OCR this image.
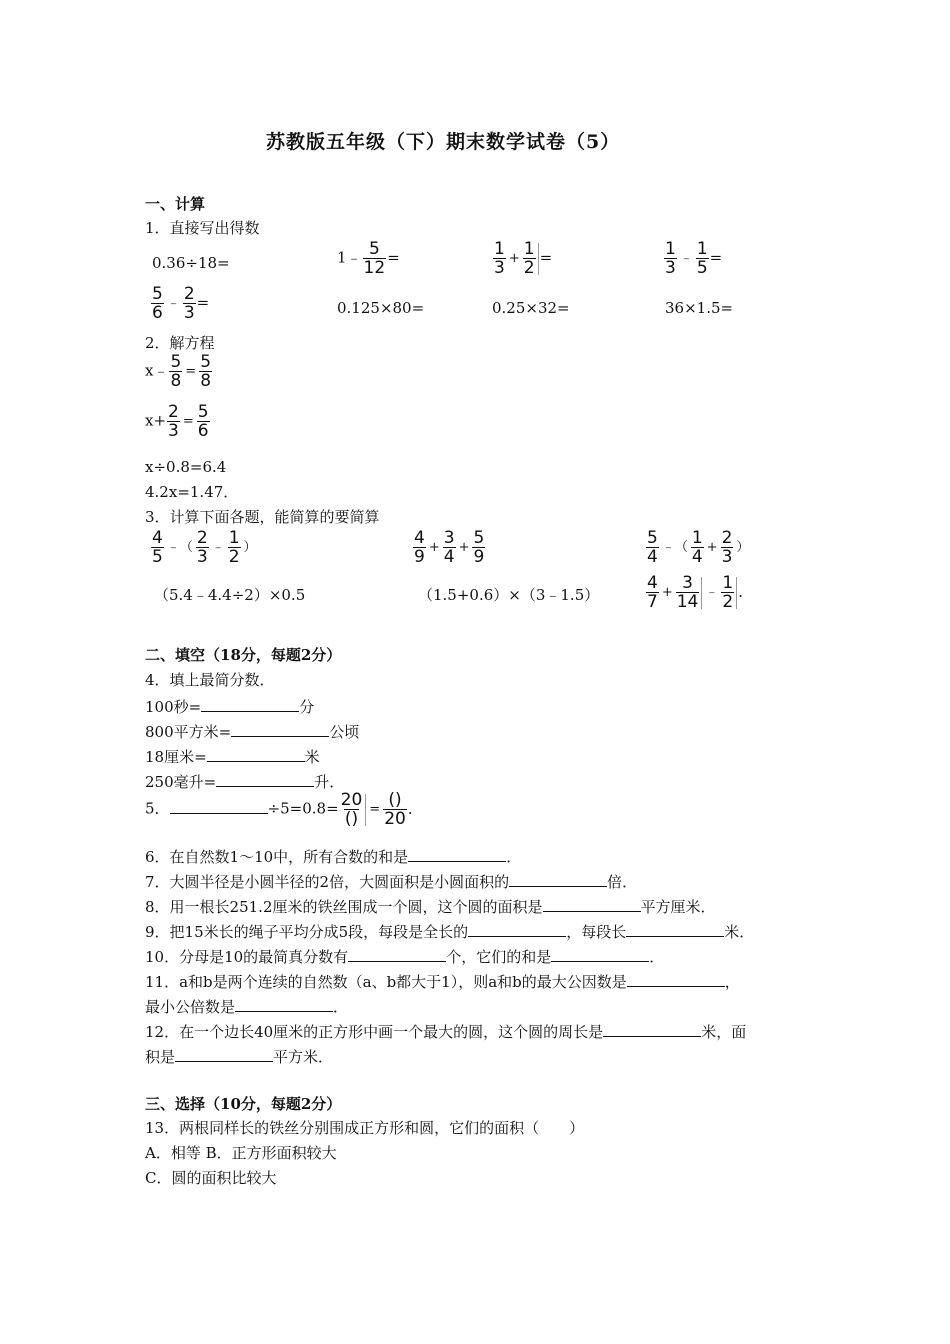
苏教版五年级（下）期末数学试卷（5）
一、计算
1．直接写出得数
0.36÷18=	1﹣ $\frac{5}{12}$ =	$\frac{1}{3} + \frac{1}{2}$ =	$\frac{1}{3}$ ﹣ $\frac{1}{5}$ =
$\frac{5}{6}$ ﹣ $\frac{2}{3}$ =	0.125×80=	0.25×32=	36×1.5=
2．解方程
x﹣ $\frac{5}{8} = \frac{5}{8}$
$x+ \frac{2}{3} = \frac{5}{6}$
x÷0.8=6.4
4.2x=1.47．
3．计算下面各题，能简算的要简算
$\frac{4}{5}$ ﹣（ $\frac{2}{3}$ ﹣ $\frac{1}{2}$ ）	$\frac{4}{9} + \frac{3}{4} + \frac{5}{9}$	$\frac{5}{4}$ ﹣（ $\frac{1}{4} + \frac{2}{3}$ ）
（5.4﹣4.4÷2）×0.5	（1.5+0.6）×（3﹣1.5）	$\frac{4}{7} + \frac{3}{14}$ ﹣ $\frac{1}{2}$ ．
二、填空（18分，每题2分）
4．填上最简分数．
100秒=	分
800平方米=	公顷
18厘米=	米
250毫升=	升．
5．	$\div 5=0.8= \frac{20}{()} = \frac{()}{20}$ ．
6．在自然数1～10中，所有合数的和是	．
7．大圆半径是小圆半径的2倍，大圆面积是小圆面积的	倍．
8．用一根长251.2厘米的铁丝围成一个圆，这个圆的面积是	平方厘米．
9．把15米长的绳子平均分成5段，每段是全长的	，每段长	米．
10．分母是10的最简真分数有	个，它们的和是	．
11．a和b是两个连续的自然数（a、b都大于1），则a和b的最大公因数是	，
最小公倍数是	．
12．在一个边长40厘米的正方形中画一个最大的圆，这个圆的周长是	米，面
积是	平方米．
三、选择（10分，每题2分）
13．两根同样长的铁丝分别围成正方形和圆，它们的面积（　　）
A．相等 B．正方形面积较大
C．圆的面积比较大
